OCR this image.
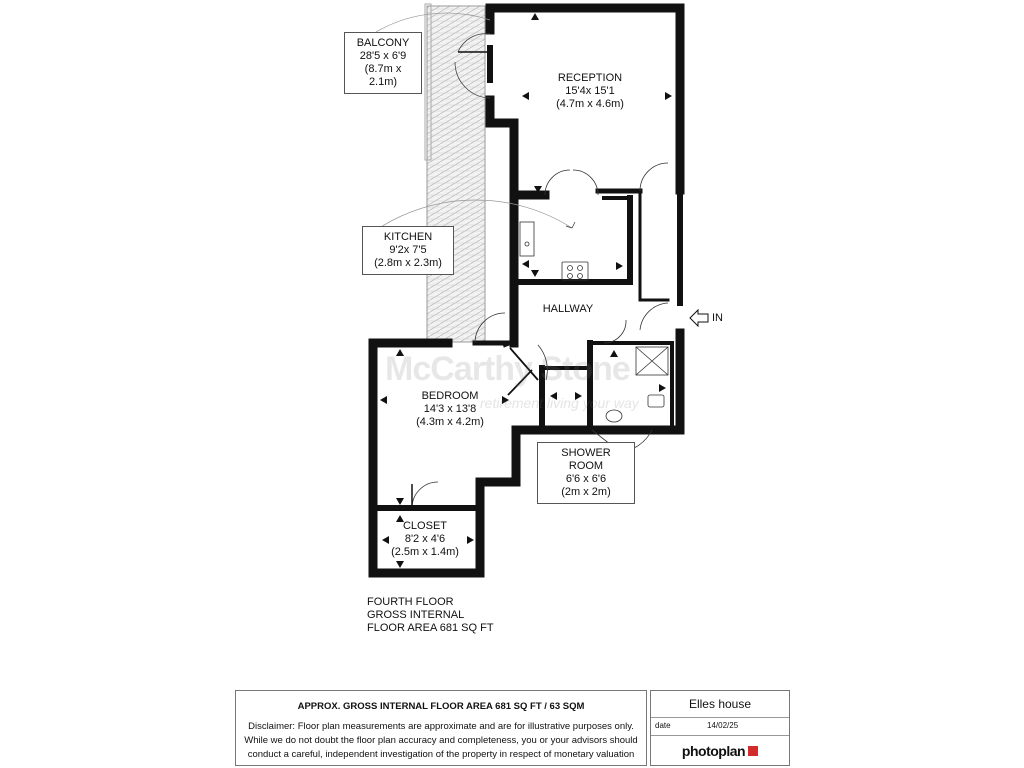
McCarthy Stone
retirement living your way
BALCONY
28'5 x 6'9
(8.7m x 2.1m)	RECEPTION
15'4x 15'1
(4.7m x 4.6m)
KITCHEN
9'2x 7'5
(2.8m x 2.3m)
HALLWAY
BEDROOM
14'3 x 13'8
(4.3m x 4.2m)
SHOWER ROOM
6'6 x 6'6
(2m x 2m)
CLOSET
8'2 x 4'6
(2.5m x 1.4m)
IN
FOURTH FLOOR
GROSS INTERNAL
FLOOR AREA 681 SQ FT
APPROX. GROSS INTERNAL FLOOR AREA 681 SQ FT / 63 SQM
Disclaimer: Floor plan measurements are approximate and are for illustrative purposes only.
While we do not doubt the floor plan accuracy and completeness, you or your advisors should
conduct a careful, independent investigation of the property in respect of monetary valuation
Elles house
date	14/02/25
photoplan
